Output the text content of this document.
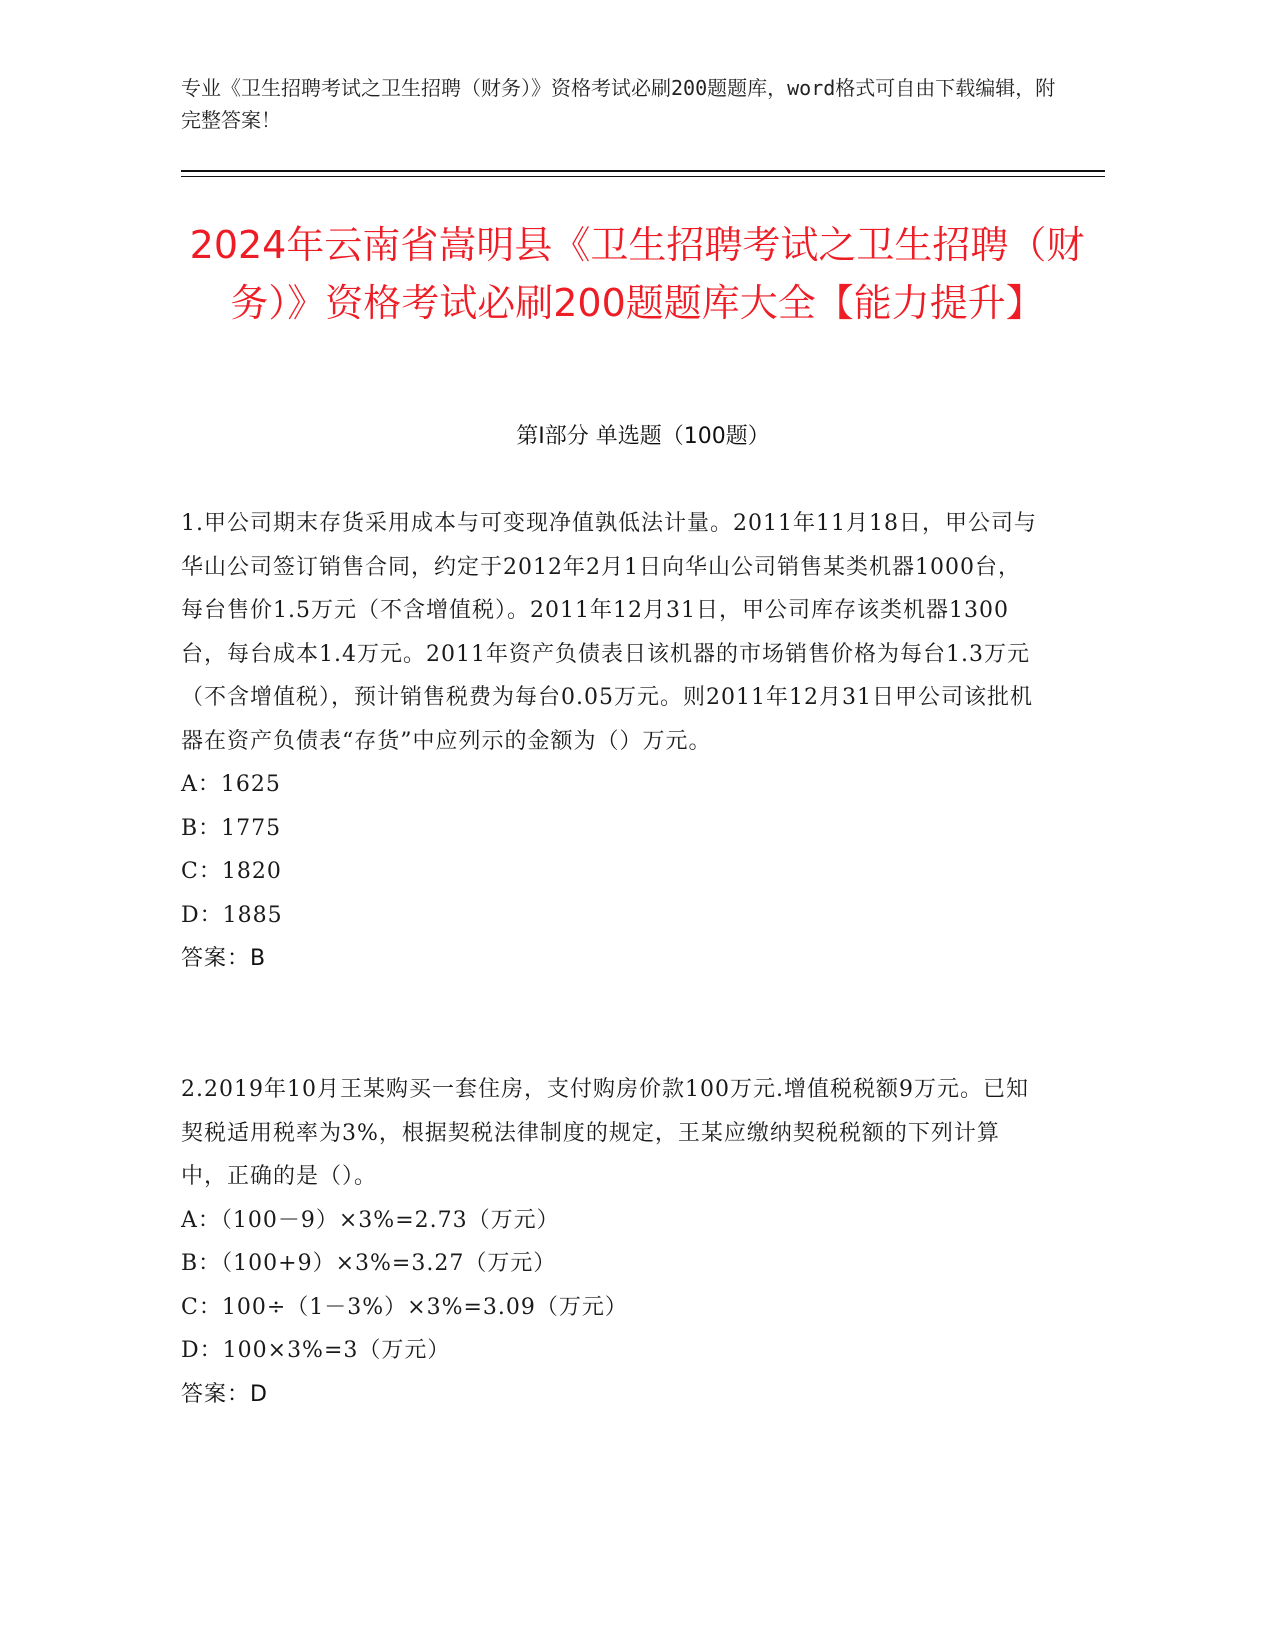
专业《卫生招聘考试之卫生招聘（财务）》资格考试必刷200题题库，word格式可自由下载编辑，附完整答案！
2024年云南省嵩明县《卫生招聘考试之卫生招聘（财务）》资格考试必刷200题题库大全【能力提升】
第I部分 单选题（100题）

1.甲公司期末存货采用成本与可变现净值孰低法计量。2011年11月18日，甲公司与华山公司签订销售合同，约定于2012年2月1日向华山公司销售某类机器1000台，每台售价1.5万元（不含增值税）。2011年12月31日，甲公司库存该类机器1300台，每台成本1.4万元。2011年资产负债表日该机器的市场销售价格为每台1.3万元（不含增值税），预计销售税费为每台0.05万元。则2011年12月31日甲公司该批机器在资产负债表“存货”中应列示的金额为（）万元。

A：1625

B：1775

C：1820

D：1885

答案：B

2.2019年10月王某购买一套住房，支付购房价款100万元.增值税税额9万元。已知契税适用税率为3%，根据契税法律制度的规定，王某应缴纳契税税额的下列计算中，正确的是（）。

A：（100－9）×3%=2.73（万元）

B：（100+9）×3%=3.27（万元）

C：100÷（1－3%）×3%=3.09（万元）

D：100×3%=3（万元）

答案：D
